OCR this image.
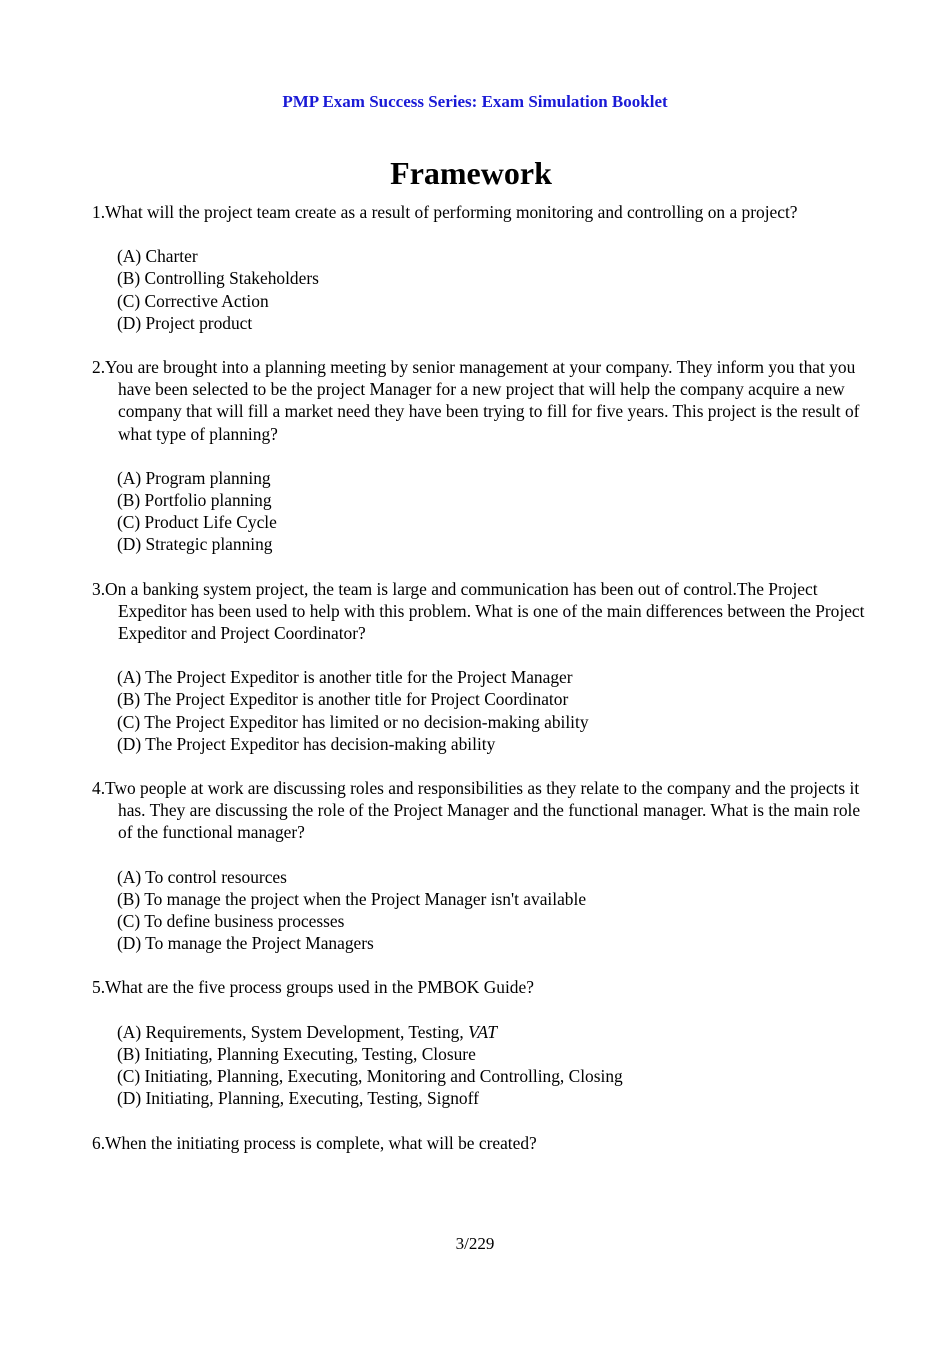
PMP Exam Success Series: Exam Simulation Booklet
Framework

1.What will the project team create as a result of performing monitoring and controlling on a project?

(A) Charter
(B) Controlling Stakeholders
(C) Corrective Action
(D) Project product

2.You are brought into a planning meeting by senior management at your company. They inform you that you have been selected to be the project Manager for a new project that will help the company acquire a new company that will fill a market need they have been trying to fill for five years. This project is the result of what type of planning?

(A) Program planning
(B) Portfolio planning
(C) Product Life Cycle
(D) Strategic planning

3.On a banking system project, the team is large and communication has been out of control.The Project Expeditor has been used to help with this problem. What is one of the main differences between the Project Expeditor and Project Coordinator?

(A) The Project Expeditor is another title for the Project Manager
(B) The Project Expeditor is another title for Project Coordinator
(C) The Project Expeditor has limited or no decision-making ability
(D) The Project Expeditor has decision-making ability

4.Two people at work are discussing roles and responsibilities as they relate to the company and the projects it has. They are discussing the role of the Project Manager and the functional manager. What is the main role of the functional manager?

(A) To control resources
(B) To manage the project when the Project Manager isn't available
(C) To define business processes
(D) To manage the Project Managers

5.What are the five process groups used in the PMBOK Guide?

(A) Requirements, System Development, Testing, VAT
(B) Initiating, Planning Executing, Testing, Closure
(C) Initiating, Planning, Executing, Monitoring and Controlling, Closing
(D) Initiating, Planning, Executing, Testing, Signoff

6.When the initiating process is complete, what will be created?

3/229
